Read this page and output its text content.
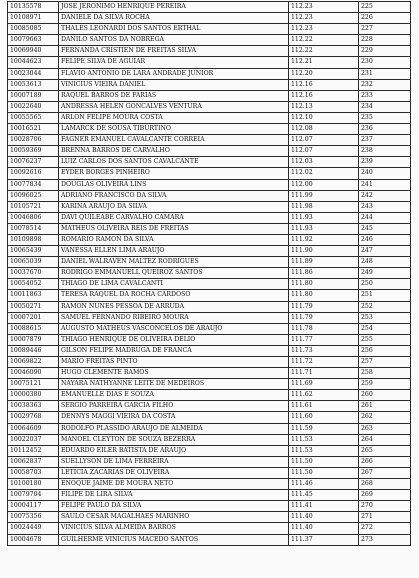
10135578	JOSE JERONIMO HENRIQUE PEREIRA	112.23	225
10108971	DANIELE DA SILVA ROCHA	112.23	226
10085085	THALES LEONARDI DOS SANTOS ERTHAL	112.23	227
10079663	DANILO SANTOS DA NOBREGA	112.22	228
10069940	FERNANDA CRISTIEN DE FREITAS SILVA	112.22	229
10044623	FELIPE SILVA DE AGUIAR	112.21	230
10023044	FLAVIO ANTONIO DE LARA ANDRADE JUNIOR	112.20	231
10053613	VINICIUS VIEIRA DANIEL	112.16	232
10007189	RAQUEL BARROS DE FARIAS	112.16	233
10022640	ANDRESSA HELEN GONCALVES VENTURA	112.13	234
10055565	ARLON FELIPE MOURA COSTA	112.10	235
10016521	LAMARCK DE SOUSA TIBURTINO	112.08	236
10028706	FAGNER EMANUEL CAVALCANTE CORREIA	112.07	237
10059369	BRENNA BARROS DE CARVALHO	112.07	238
10076237	LUIZ CARLOS DOS SANTOS CAVALCANTE	112.03	239
10092616	EYDER BORGES PINHEIRO	112.02	240
10077834	DOUGLAS OLIVEIRA LINS	112.00	241
10096025	ADRIANO FRANCISCO DA SILVA	111.99	242
10105721	KARINA ARAUJO DA SILVA	111.98	243
10046806	DAVI QUILEABE CARVALHO CAMARA	111.93	244
10078514	MATHEUS OLIVEIRA REIS DE FREITAS	111.93	245
10109898	ROMARIO RAMON DA SILVA	111.92	246
10065439	VANESSA ELLEN LIMA ARAUJO	111.90	247
10065039	DANIEL WALRAVEN MALTEZ RODRIGUES	111.89	248
10037670	RODRIGO EMMANUELL QUEIROZ SANTOS	111.86	249
10054052	THIAGO DE LIMA CAVALCANTI	111.80	250
10011863	TERESA RAQUEL DA ROCHA CARDOSO	111.80	251
10050271	RAMON NUNES PESSOA DE ARRUDA	111.79	252
10007201	SAMUEL FERNANDO RIBEIRO MOURA	111.79	253
10088615	AUGUSTO MATHEUS VASCONCELOS DE ARAUJO	111.78	254
10007879	THIAGO HENRIQUE DE OLIVEIRA DELIO	111.77	255
10089446	GILSON FELIPE MADRUGA DE FRANCA	111.73	256
10069822	MARIO FREITAS PINTO	111.72	257
10046090	HUGO CLEMENTE RAMOS	111.71	258
10075121	NAYARA NATHYANNE LEITE DE MEDEIROS	111.69	259
10000380	EMANUELLE DIAS E SOUZA	111.62	260
10038363	SERGIO PARREIRA GARCIA FILHO	111.61	261
10029768	DENNYS MAGGI VIEIRA DA COSTA	111.60	262
10064609	RODOLFO PLASSIDO ARAUJO DE ALMEIDA	111.59	263
10022037	MANOEL CLEYTON DE SOUZA BEZERRA	111.53	264
10112452	EDUARDO EILER BATISTA DE ARAUJO	111.53	265
10062837	SUELLYSON DE LIMA FERREIRA	111.50	266
10058703	LETICIA ZACARIAS DE OLIVEIRA	111.50	267
10100180	ENOQUE JAIME DE MOURA NETO	111.46	268
10079704	FILIPE DE LIRA SILVA	111.45	269
10004117	FELIPE PAULO DA SILVA	111.41	270
10075356	SAULO CESAR MAGALHAES MARINHO	111.40	271
10024449	VINICIUS SILVA ALMEIDA BARROS	111.40	272
10004678	GUILHERME VINICIUS MACEDO SANTOS	111.37	273
